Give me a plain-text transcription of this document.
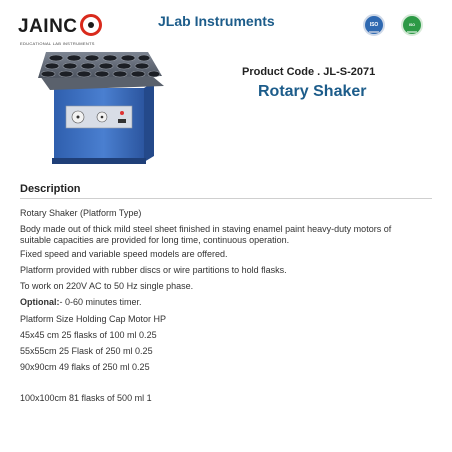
JAINC
EDUCATIONAL LAB INSTRUMENTS
JLab Instruments	ISO	ISO
Product Code . JL-S-2071
Rotary Shaker
Description
Rotary Shaker (Platform Type)
Body made out of thick mild steel sheet finished in staving enamel paint heavy-duty motors of
suitable capacities are provided for long time, continuous operation.
Fixed speed and variable speed models are offered.
Platform provided with rubber discs or wire partitions to hold flasks.
To work on 220V AC to 50 Hz single phase.
Optional:- 0-60 minutes timer.
Platform Size Holding Cap Motor HP
45x45 cm 25 flasks of 100 ml 0.25
55x55cm 25 Flask of 250 ml 0.25
90x90cm 49 flaks of 250 ml 0.25
100x100cm 81 flasks of 500 ml 1
